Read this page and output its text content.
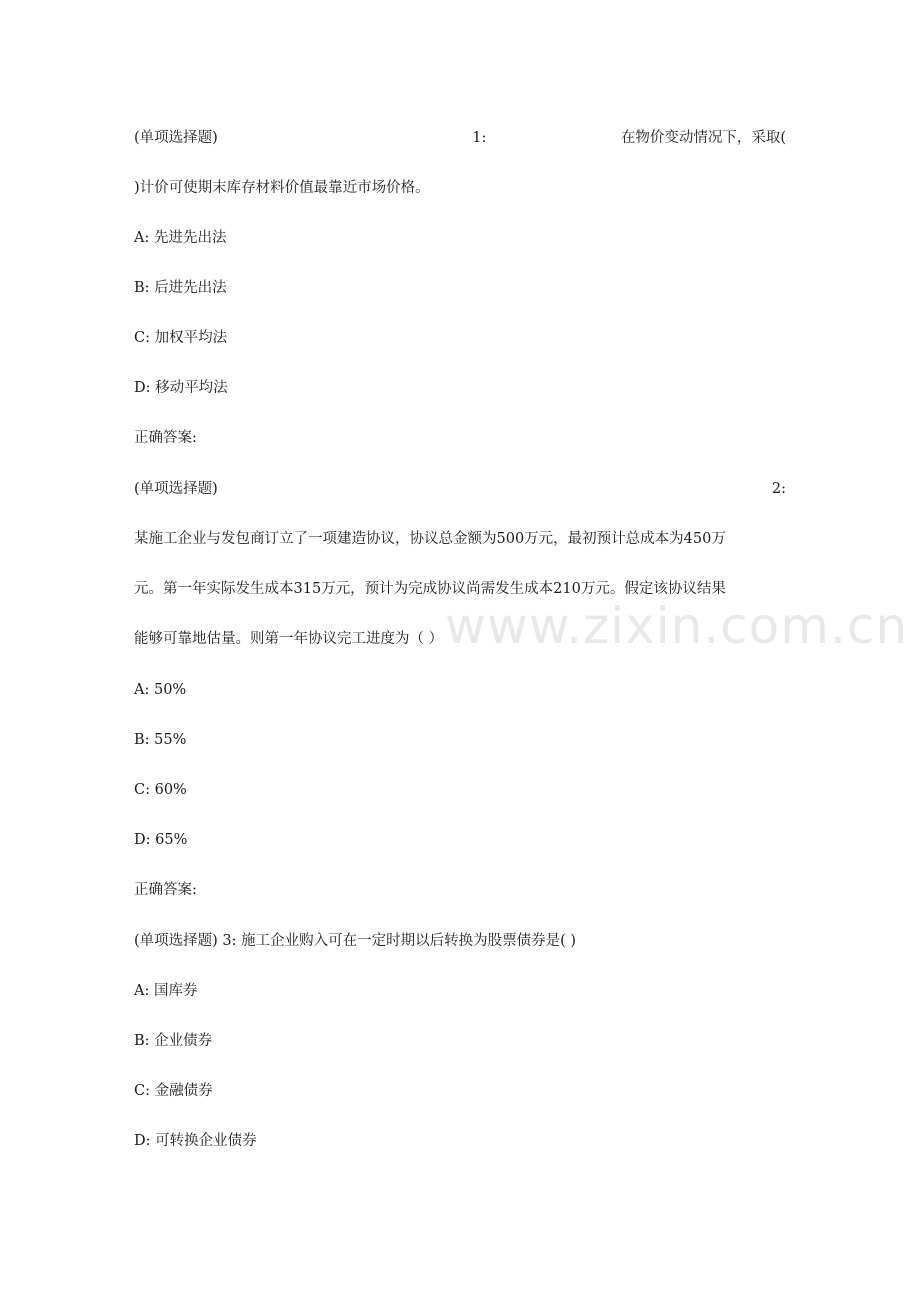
(单项选择题)	1:	在物价变动情况下，采取(
)计价可使期末库存材料价值最靠近市场价格。
A: 先进先出法
B: 后进先出法
C: 加权平均法
D: 移动平均法
正确答案:
(单项选择题)	2:
某施工企业与发包商订立了一项建造协议，协议总金额为500万元，最初预计总成本为450万
元。第一年实际发生成本315万元，预计为完成协议尚需发生成本210万元。假定该协议结果
能够可靠地估量。则第一年协议完工进度为（ ）
A: 50%
B: 55%
C: 60%
D: 65%
正确答案:
(单项选择题) 3: 施工企业购入可在一定时期以后转换为股票债券是( )
A: 国库券
B: 企业债券
C: 金融债券
D: 可转换企业债券
www.zixin.com.cn
